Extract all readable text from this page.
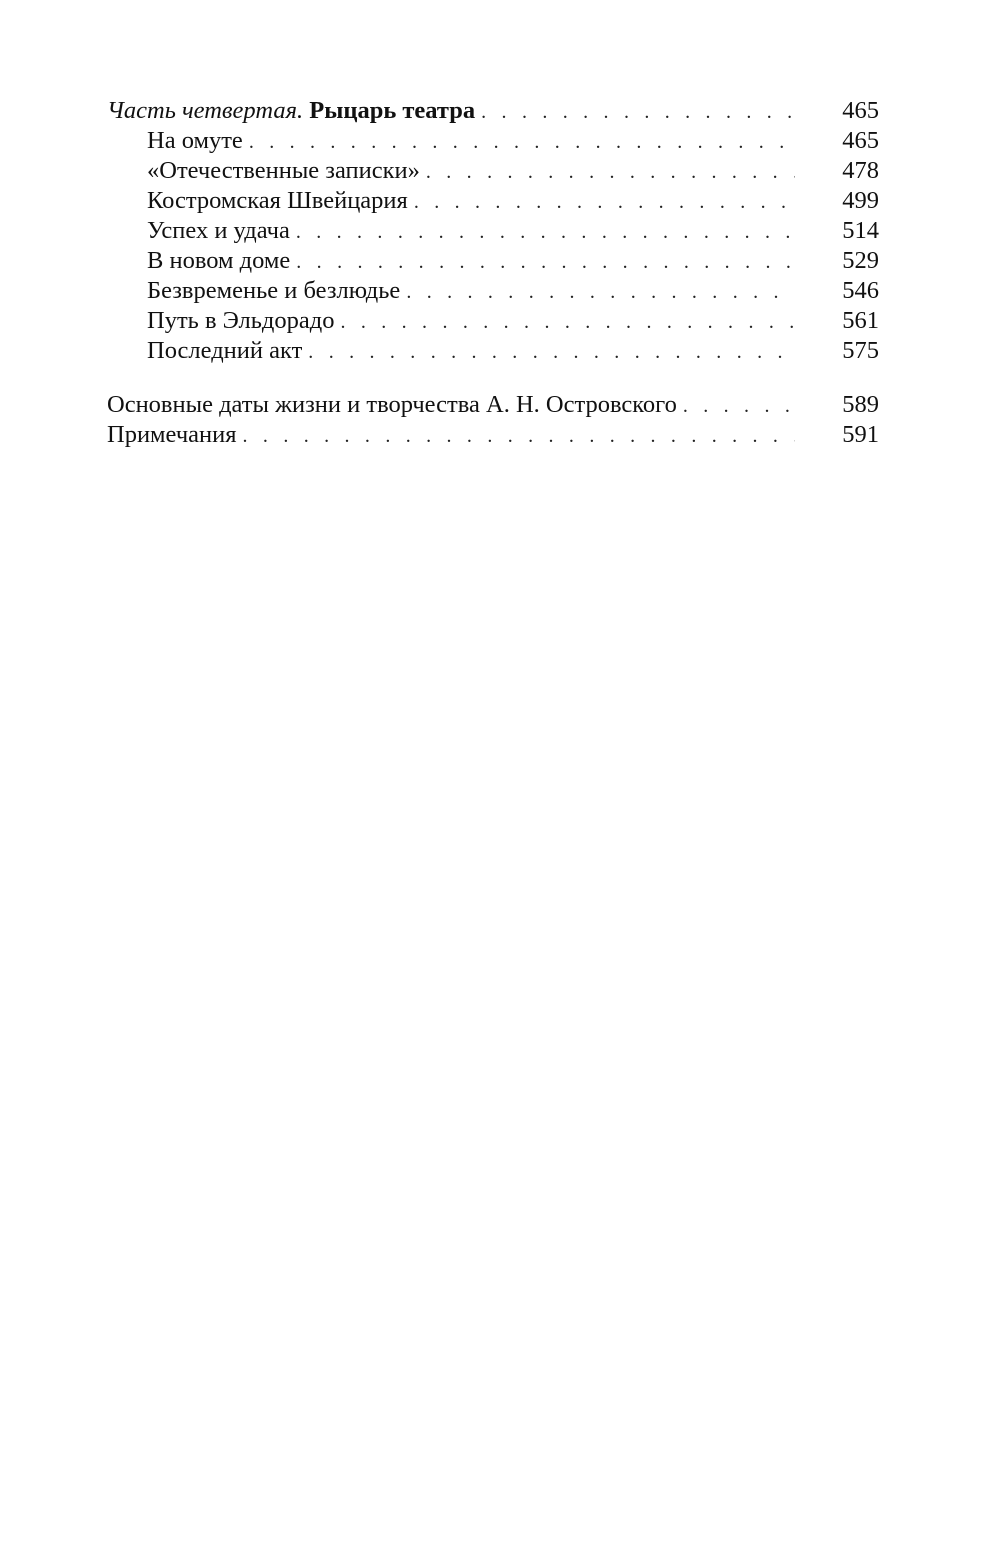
Часть четвертая. Рыцарь театра . . .	465
На омуте . . .	465
«Отечественные записки» . . .	478
Костромская Швейцария . . .	499
Успех и удача . . .	514
В новом доме . . .	529
Безвременье и безлюдье . . .	546
Путь в Эльдорадо . . .	561
Последний акт . . .	575
Основные даты жизни и творчества А. Н. Островского . . .	589
Примечания . . .	591
